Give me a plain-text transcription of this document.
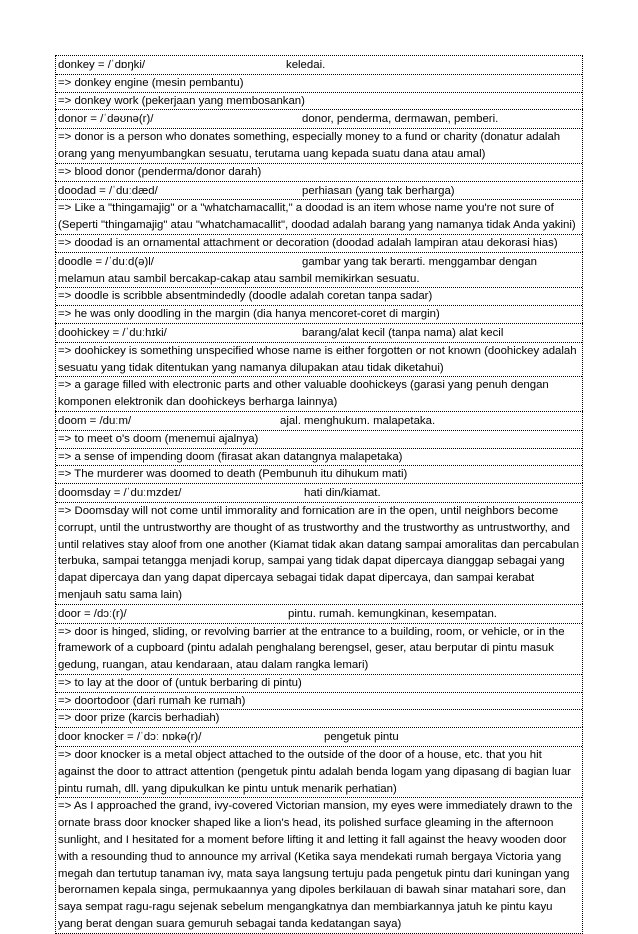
donkey = /ˈdɒŋki/	keledai.
=> donkey engine (mesin pembantu)
=> donkey work (pekerjaan yang membosankan)
donor = /ˈdəʊnə(r)/	donor, penderma, dermawan, pemberi.
=> donor is a person who donates something, especially money to a fund or charity (donatur adalah orang yang menyumbangkan sesuatu, terutama uang kepada suatu dana atau amal)
=> blood donor (penderma/donor darah)
doodad = /ˈduːdæd/	perhiasan (yang tak berharga)
=> Like a "thingamajig" or a "whatchamacallit," a doodad is an item whose name you're not sure of (Seperti "thingamajig" atau "whatchamacallit", doodad adalah barang yang namanya tidak Anda yakini)
=> doodad is an ornamental attachment or decoration (doodad adalah lampiran atau dekorasi hias)
doodle = /ˈduːd(ə)l/	gambar yang tak berarti. menggambar dengan melamun atau sambil bercakap-cakap atau sambil memikirkan sesuatu.
=> doodle is scribble absentmindedly (doodle adalah coretan tanpa sadar)
=> he was only doodling in the margin (dia hanya mencoret-coret di margin)
doohickey = /ˈduːhɪki/	barang/alat kecil (tanpa nama) alat kecil
=> doohickey is something unspecified whose name is either forgotten or not known (doohickey adalah sesuatu yang tidak ditentukan yang namanya dilupakan atau tidak diketahui)
=> a garage filled with electronic parts and other valuable doohickeys (garasi yang penuh dengan komponen elektronik dan doohickeys berharga lainnya)
doom = /duːm/	ajal. menghukum. malapetaka.
=> to meet o's doom (menemui ajalnya)
=> a sense of impending doom (firasat akan datangnya malapetaka)
=> The murderer was doomed to death (Pembunuh itu dihukum mati)
doomsday = /ˈduːmzdeɪ/	hati din/kiamat.
=> Doomsday will not come until immorality and fornication are in the open, until neighbors become corrupt, until the untrustworthy are thought of as trustworthy and the trustworthy as untrustworthy, and until relatives stay aloof from one another (Kiamat tidak akan datang sampai amoralitas dan percabulan terbuka, sampai tetangga menjadi korup, sampai yang tidak dapat dipercaya dianggap sebagai yang dapat dipercaya dan yang dapat dipercaya sebagai tidak dapat dipercaya, dan sampai kerabat menjauh satu sama lain)
door = /dɔː(r)/	pintu. rumah. kemungkinan, kesempatan.
=> door is hinged, sliding, or revolving barrier at the entrance to a building, room, or vehicle, or in the framework of a cupboard (pintu adalah penghalang berengsel, geser, atau berputar di pintu masuk gedung, ruangan, atau kendaraan, atau dalam rangka lemari)
=> to lay at the door of (untuk berbaring di pintu)
=> doortodoor (dari rumah ke rumah)
=> door prize (karcis berhadiah)
door knocker = /ˈdɔː nɒkə(r)/	pengetuk pintu
=> door knocker is a metal object attached to the outside of the door of a house, etc. that you hit against the door to attract attention (pengetuk pintu adalah benda logam yang dipasang di bagian luar pintu rumah, dll. yang dipukulkan ke pintu untuk menarik perhatian)
=> As I approached the grand, ivy-covered Victorian mansion, my eyes were immediately drawn to the ornate brass door knocker shaped like a lion's head, its polished surface gleaming in the afternoon sunlight, and I hesitated for a moment before lifting it and letting it fall against the heavy wooden door with a resounding thud to announce my arrival (Ketika saya mendekati rumah bergaya Victoria yang megah dan tertutup tanaman ivy, mata saya langsung tertuju pada pengetuk pintu dari kuningan yang berornamen kepala singa, permukaannya yang dipoles berkilauan di bawah sinar matahari sore, dan saya sempat ragu-ragu sejenak sebelum mengangkatnya dan membiarkannya jatuh ke pintu kayu yang berat dengan suara gemuruh sebagai tanda kedatangan saya)
